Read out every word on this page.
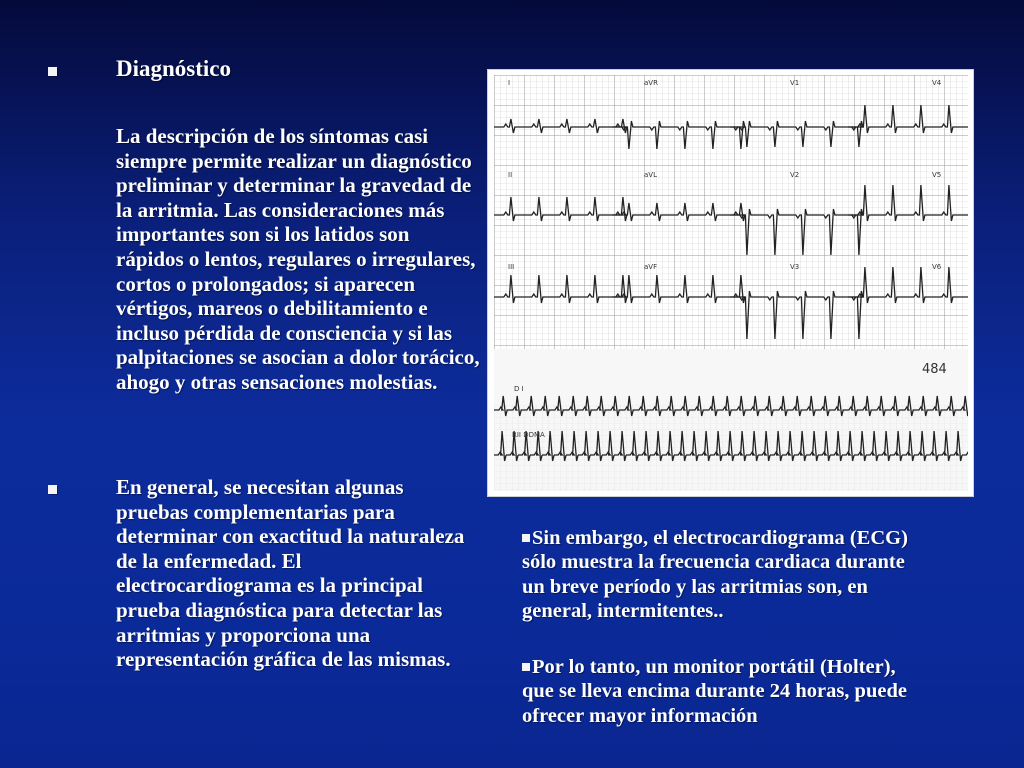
Diagnóstico

La descripción de los síntomas casi siempre permite realizar un diagnóstico preliminar y determinar la gravedad de la arritmia. Las consideraciones más importantes son si los latidos son rápidos o lentos, regulares o irregulares, cortos o prolongados; si aparecen vértigos, mareos o debilitamiento e incluso pérdida de consciencia y si las palpitaciones se asocian a dolor torácico, ahogo y otras sensaciones molestias.

En general, se necesitan algunas pruebas complementarias para determinar con exactitud la naturaleza de la enfermedad. El electrocardiograma es la principal prueba diagnóstica para detectar las arritmias y proporciona una representación gráfica de las mismas.

I	aVR	V1	V4
II	aVL	V2	V5
III	aVF	V3	V6
D I
RII DDMA
484

Sin embargo, el electrocardiograma (ECG) sólo muestra la frecuencia cardiaca durante un breve período y las arritmias son, en general, intermitentes..

Por lo tanto, un monitor portátil (Holter), que se lleva encima durante 24 horas, puede ofrecer mayor información
